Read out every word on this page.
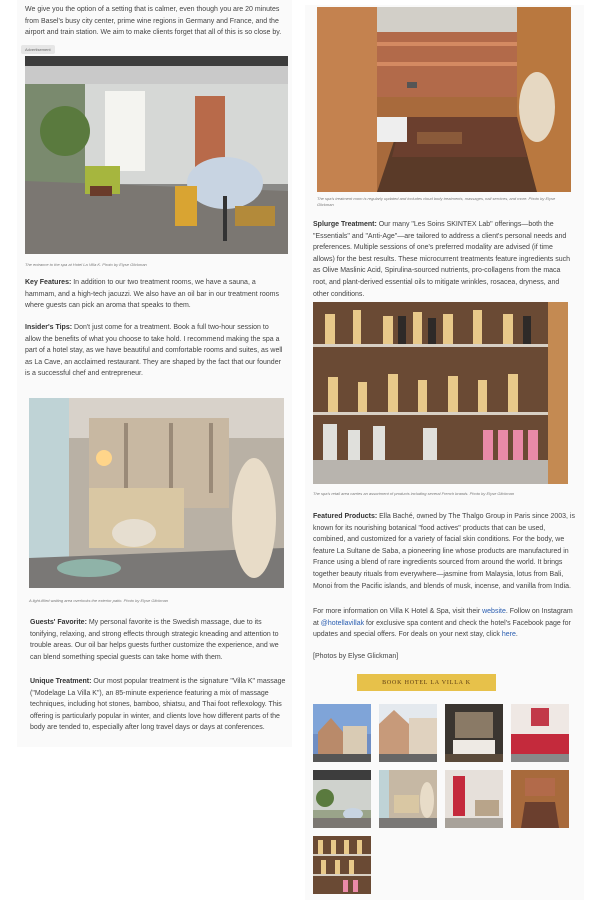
We give you the option of a setting that is calmer, even though you are 20 minutes from Basel's busy city center, prime wine regions in Germany and France, and the airport and train station. We aim to make clients forget that all of this is so close by.

Advertisement

The entrance to the spa at Hotel La Villa K. Photo by Elyse Glickman

Key Features: In addition to our two treatment rooms, we have a sauna, a hammam, and a high-tech jacuzzi. We also have an oil bar in our treatment rooms where guests can pick an aroma that speaks to them.

Insider's Tips: Don't just come for a treatment. Book a full two-hour session to allow the benefits of what you choose to take hold. I recommend making the spa a part of a hotel stay, as we have beautiful and comfortable rooms and suites, as well as La Cave, an acclaimed restaurant. They are shaped by the fact that our founder is a successful chef and entrepreneur.

A light-filled waiting area overlooks the exterior patio. Photo by Elyse Glickman

Guests' Favorite: My personal favorite is the Swedish massage, due to its tonifying, relaxing, and strong effects through strategic kneading and attention to trouble areas. Our oil bar helps guests further customize the experience, and we can blend something special guests can take home with them.

Unique Treatment: Our most popular treatment is the signature "Villa K" massage ("Modelage La Villa K"), an 85-minute experience featuring a mix of massage techniques, including hot stones, bamboo, shiatsu, and Thai foot reflexology. This offering is particularly popular in winter, and clients love how different parts of the body are tended to, especially after long travel days or days at conferences.

The spa's treatment room is regularly updated and includes cloud body treatments, massages, nail services, and more. Photo by Elyse Glickman

Splurge Treatment: Our many "Les Soins SKINTEX Lab" offerings—both the "Essentials" and "Anti-Age"—are tailored to address a client's personal needs and preferences. Multiple sessions of one's preferred modality are advised (if time allows) for the best results. These microcurrent treatments feature ingredients such as Olive Maslinic Acid, Spirulina-sourced nutrients, pro-collagens from the maca root, and plant-derived essential oils to mitigate wrinkles, rosacea, dryness, and other conditions.

The spa's retail area carries an assortment of products including several French brands. Photo by Elyse Glickman

Featured Products: Ella Baché, owned by The Thalgo Group in Paris since 2003, is known for its nourishing botanical "food actives" products that can be used, combined, and customized for a variety of facial skin conditions. For the body, we feature La Sultane de Saba, a pioneering line whose products are manufactured in France using a blend of rare ingredients sourced from around the world. It brings together beauty rituals from everywhere—jasmine from Malaysia, lotus from Bali, Monoi from the Pacific islands, and blends of musk, incense, and vanilla from India.

For more information on Villa K Hotel & Spa, visit their website. Follow on Instagram at @hotellavillak for exclusive spa content and check the hotel's Facebook page for updates and special offers. For deals on your next stay, click here.

[Photos by Elyse Glickman]

BOOK HOTEL LA VILLA K
